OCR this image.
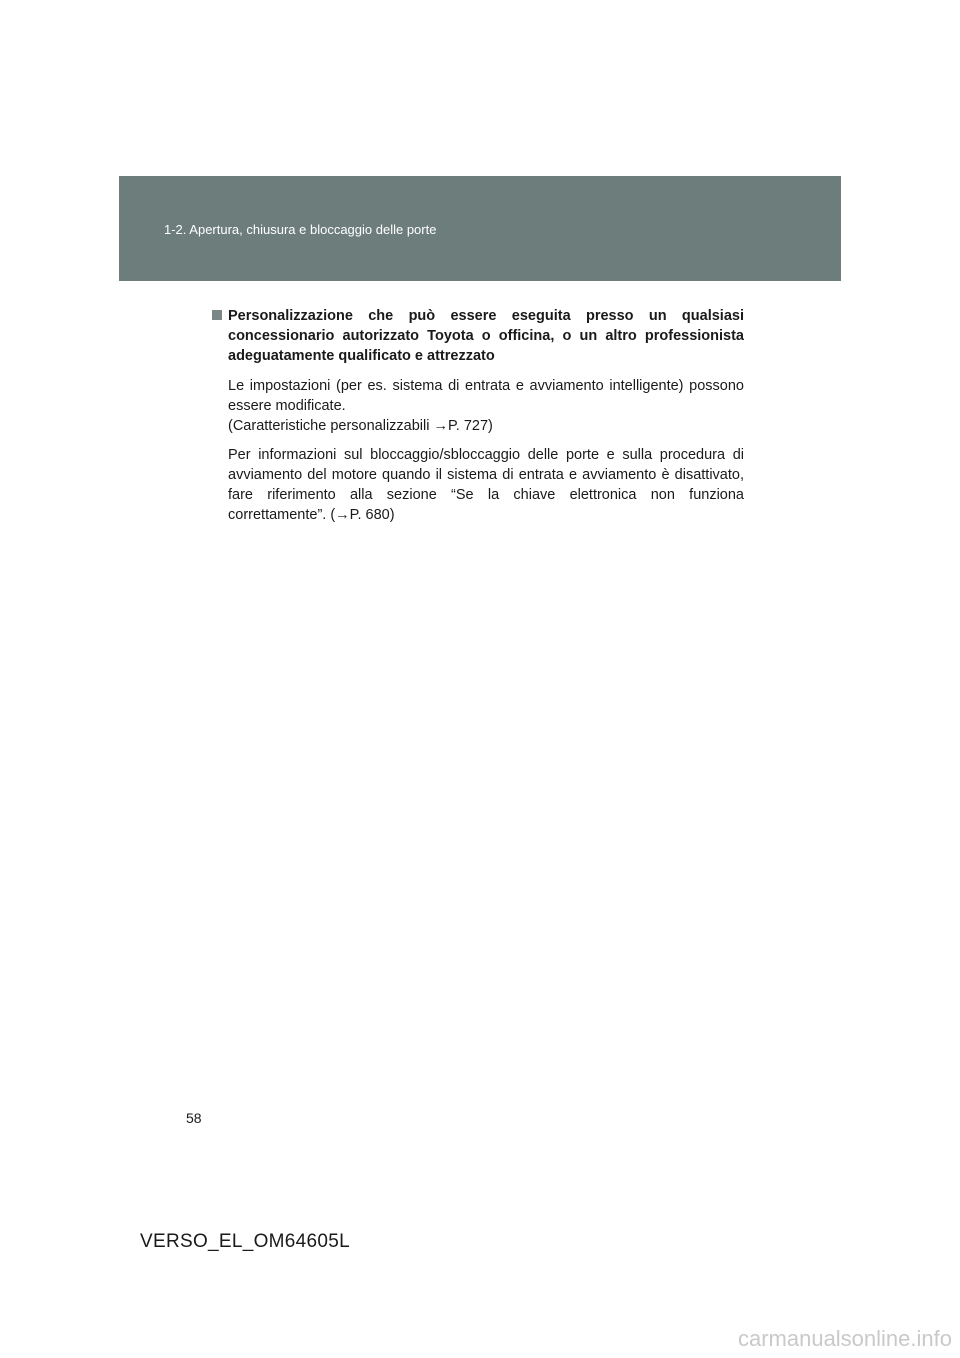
1-2. Apertura, chiusura e bloccaggio delle porte

Personalizzazione che può essere eseguita presso un qualsiasi concessionario autorizzato Toyota o officina, o un altro professionista adeguatamente qualificato e attrezzato

Le impostazioni (per es. sistema di entrata e avviamento intelligente) possono essere modificate.
(Caratteristiche personalizzabili →P. 727)

Per informazioni sul bloccaggio/sbloccaggio delle porte e sulla procedura di avviamento del motore quando il sistema di entrata e avviamento è disattivato, fare riferimento alla sezione “Se la chiave elettronica non funziona correttamente”. (→P. 680)

58
VERSO_EL_OM64605L
carmanualsonline.info
